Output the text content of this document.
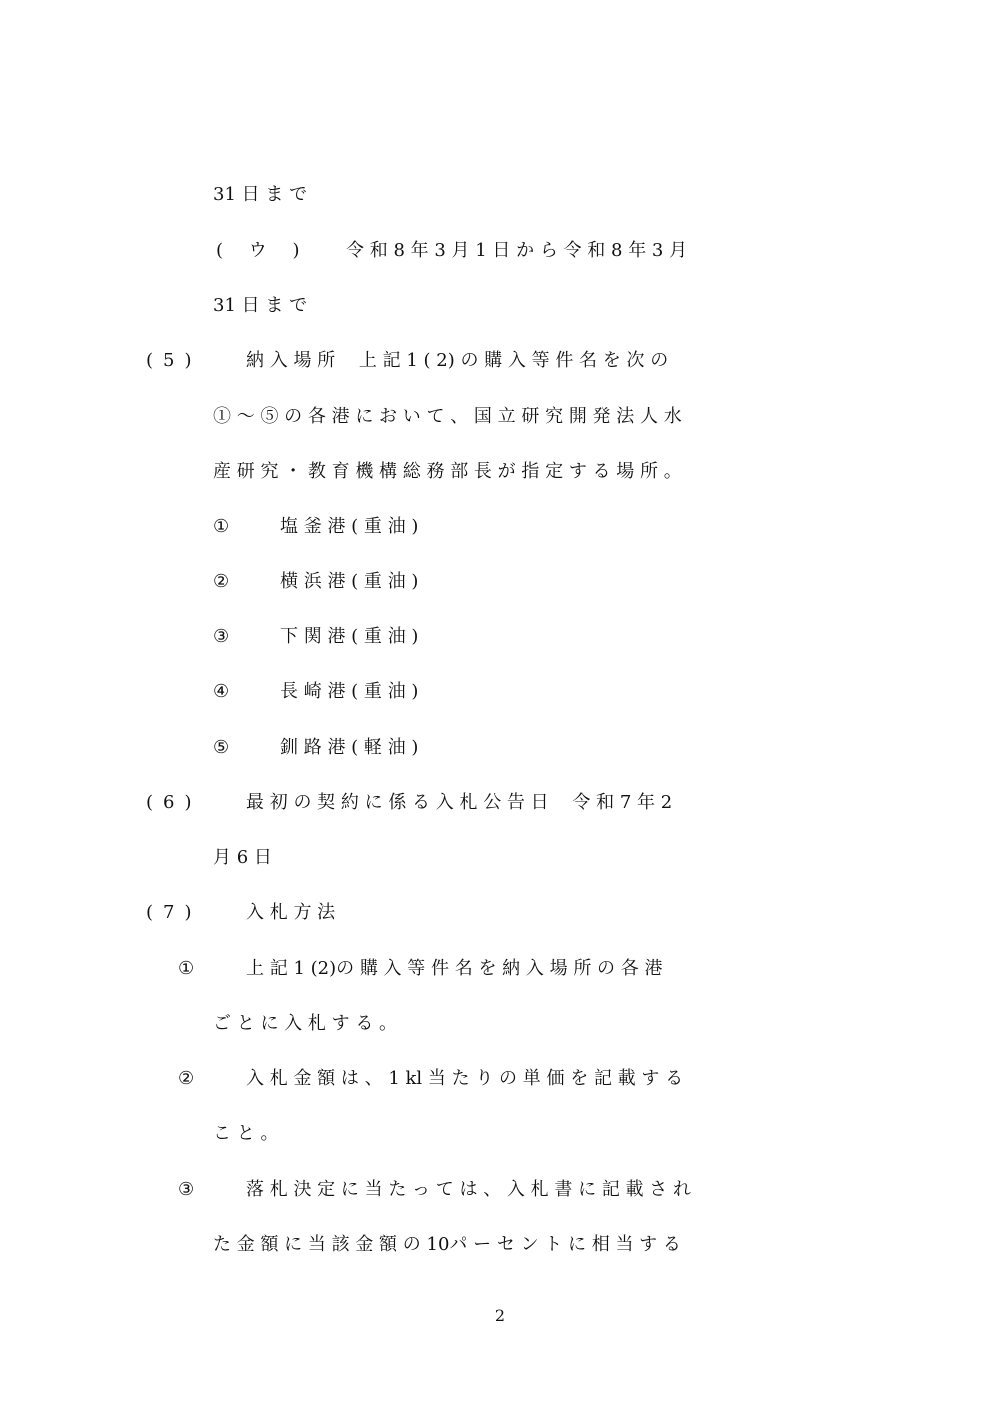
31 日 ま で
( ウ ) 令 和 8 年 3 月 1 日 か ら 令 和 8 年 3 月
31 日 ま で
(5) 納 入 場 所　 上 記 1 ( 2) の 購 入 等 件 名 を 次 の
① ～ ⑤ の 各 港 に お い て 、 国 立 研 究 開 発 法 人 水
産 研 究 ・ 教 育 機 構 総 務 部 長 が 指 定 す る 場 所 。
①	塩 釜 港 ( 重 油 )
②	横 浜 港 ( 重 油 )
③	下 関 港 ( 重 油 )
④	長 崎 港 ( 重 油 )
⑤	釧 路 港 ( 軽 油 )
(6) 最 初 の 契 約 に 係 る 入 札 公 告 日　 令 和 7 年 2
月 6 日
(7) 入 札 方 法
①	上 記 1 (2)の 購 入 等 件 名 を 納 入 場 所 の 各 港
ご と に 入 札 す る 。
②	入 札 金 額 は 、 1 kl 当 た り の 単 価 を 記 載 す る
こ と 。
③	落 札 決 定 に 当 た っ て は 、 入 札 書 に 記 載 さ れ
た 金 額 に 当 該 金 額 の 10パ ー セ ン ト に 相 当 す る
2
